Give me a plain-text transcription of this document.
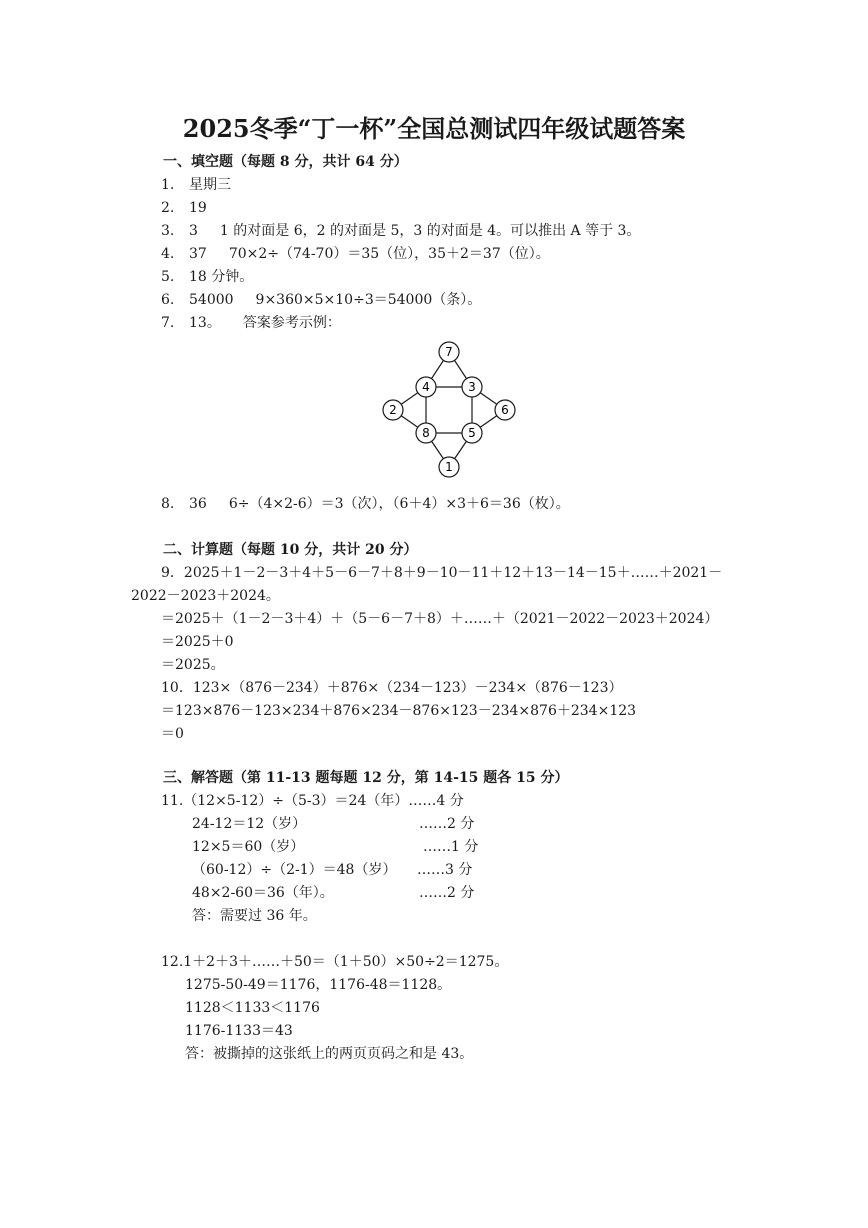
2025冬季“丁一杯”全国总测试四年级试题答案
一、填空题（每题 8 分，共计 64 分）
1. 星期三
2. 19
3. 3 1 的对面是 6，2 的对面是 5，3 的对面是 4。可以推出 A 等于 3。
4. 37 70×2÷（74-70）＝35（位），35＋2＝37（位）。
5. 18 分钟。
6. 54000 9×360×5×10÷3＝54000（条）。
7. 13。 答案参考示例：
7
4	3
2	6
8	5
1
8. 36 6÷（4×2-6）＝3（次），（6＋4）×3＋6＝36（枚）。
二、计算题（每题 10 分，共计 20 分）
9．2025＋1－2－3＋4＋5－6－7＋8＋9－10－11＋12＋13－14－15＋……＋2021－
2022－2023＋2024。
＝2025＋（1－2－3＋4）＋（5－6－7＋8）＋……＋（2021－2022－2023＋2024）
＝2025＋0
＝2025。
10．123×（876－234）＋876×（234－123）－234×（876－123）
＝123×876－123×234＋876×234－876×123－234×876＋234×123
＝0
三、解答题（第 11-13 题每题 12 分，第 14-15 题各 15 分）
11.（12×5-12）÷（5-3）＝24（年）……4 分
24-12＝12（岁）	……2 分
12×5＝60（岁）	……1 分
（60-12）÷（2-1）＝48（岁） ……3 分
48×2-60＝36（年）。	……2 分
答：需要过 36 年。
12.1＋2＋3＋……＋50＝（1＋50）×50÷2＝1275。
1275-50-49＝1176，1176-48＝1128。
1128＜1133＜1176
1176-1133＝43
答：被撕掉的这张纸上的两页页码之和是 43。
